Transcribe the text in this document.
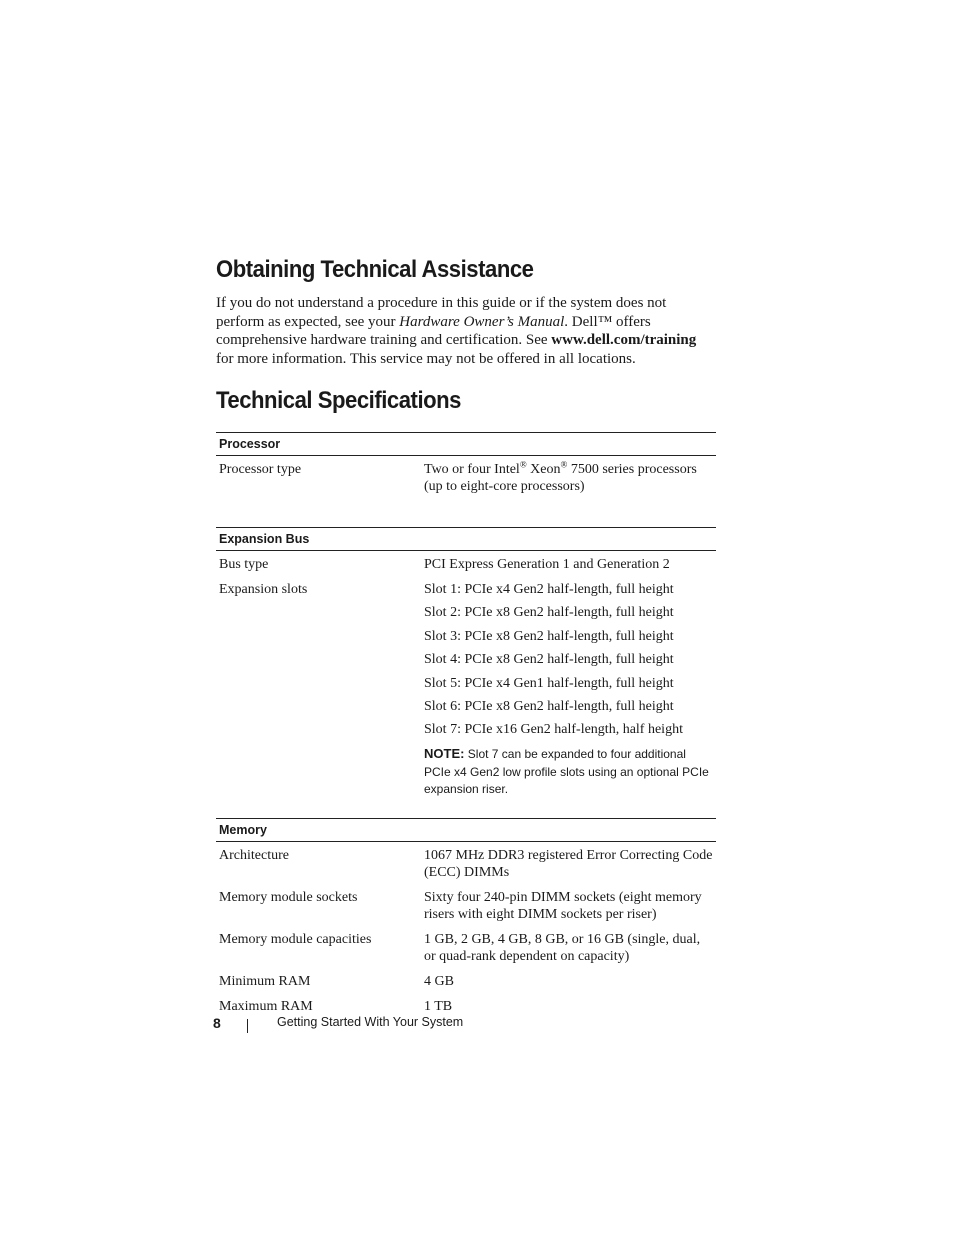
Obtaining Technical Assistance

If you do not understand a procedure in this guide or if the system does not perform as expected, see your Hardware Owner’s Manual. Dell™ offers comprehensive hardware training and certification. See www.dell.com/training for more information. This service may not be offered in all locations.

Technical Specifications
Processor
Processor type	Two or four Intel® Xeon® 7500 series processors (up to eight-core processors)
Expansion Bus
Bus type	PCI Express Generation 1 and Generation 2
Expansion slots	Slot 1: PCIe x4 Gen2 half-length, full height
Slot 2: PCIe x8 Gen2 half-length, full height
Slot 3: PCIe x8 Gen2 half-length, full height
Slot 4: PCIe x8 Gen2 half-length, full height
Slot 5: PCIe x4 Gen1 half-length, full height
Slot 6: PCIe x8 Gen2 half-length, full height
Slot 7: PCIe x16 Gen2 half-length, half height
NOTE: Slot 7 can be expanded to four additional PCIe x4 Gen2 low profile slots using an optional PCIe expansion riser.
Memory
Architecture	1067 MHz DDR3 registered Error Correcting Code (ECC) DIMMs
Memory module sockets	Sixty four 240-pin DIMM sockets (eight memory risers with eight DIMM sockets per riser)
Memory module capacities	1 GB, 2 GB, 4 GB, 8 GB, or 16 GB (single, dual, or quad-rank dependent on capacity)
Minimum RAM	4 GB
Maximum RAM	1 TB
8	Getting Started With Your System
